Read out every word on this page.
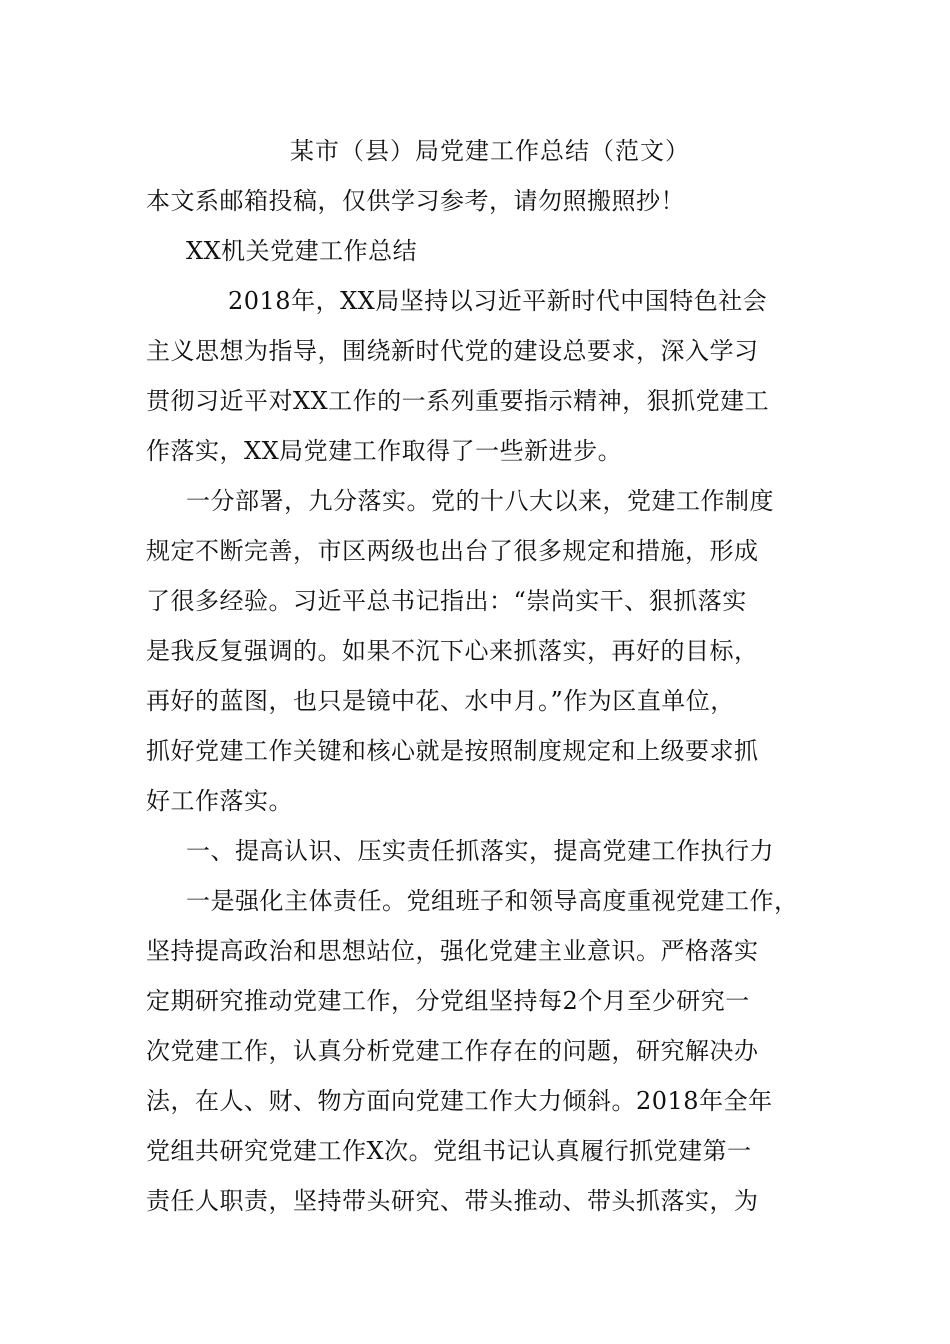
某市（县）局党建工作总结（范文）
本文系邮箱投稿，仅供学习参考，请勿照搬照抄！
XX机关党建工作总结
2018年，XX局坚持以习近平新时代中国特色社会
主义思想为指导，围绕新时代党的建设总要求，深入学习
贯彻习近平对XX工作的一系列重要指示精神，狠抓党建工
作落实，XX局党建工作取得了一些新进步。
一分部署，九分落实。党的十八大以来，党建工作制度
规定不断完善，市区两级也出台了很多规定和措施，形成
了很多经验。习近平总书记指出：“崇尚实干、狠抓落实
是我反复强调的。如果不沉下心来抓落实，再好的目标，
再好的蓝图，也只是镜中花、水中月。”作为区直单位，
抓好党建工作关键和核心就是按照制度规定和上级要求抓
好工作落实。
一、提高认识、压实责任抓落实，提高党建工作执行力
一是强化主体责任。党组班子和领导高度重视党建工作，
坚持提高政治和思想站位，强化党建主业意识。严格落实
定期研究推动党建工作，分党组坚持每2个月至少研究一
次党建工作，认真分析党建工作存在的问题，研究解决办
法，在人、财、物方面向党建工作大力倾斜。2018年全年
党组共研究党建工作X次。党组书记认真履行抓党建第一
责任人职责，坚持带头研究、带头推动、带头抓落实，为
